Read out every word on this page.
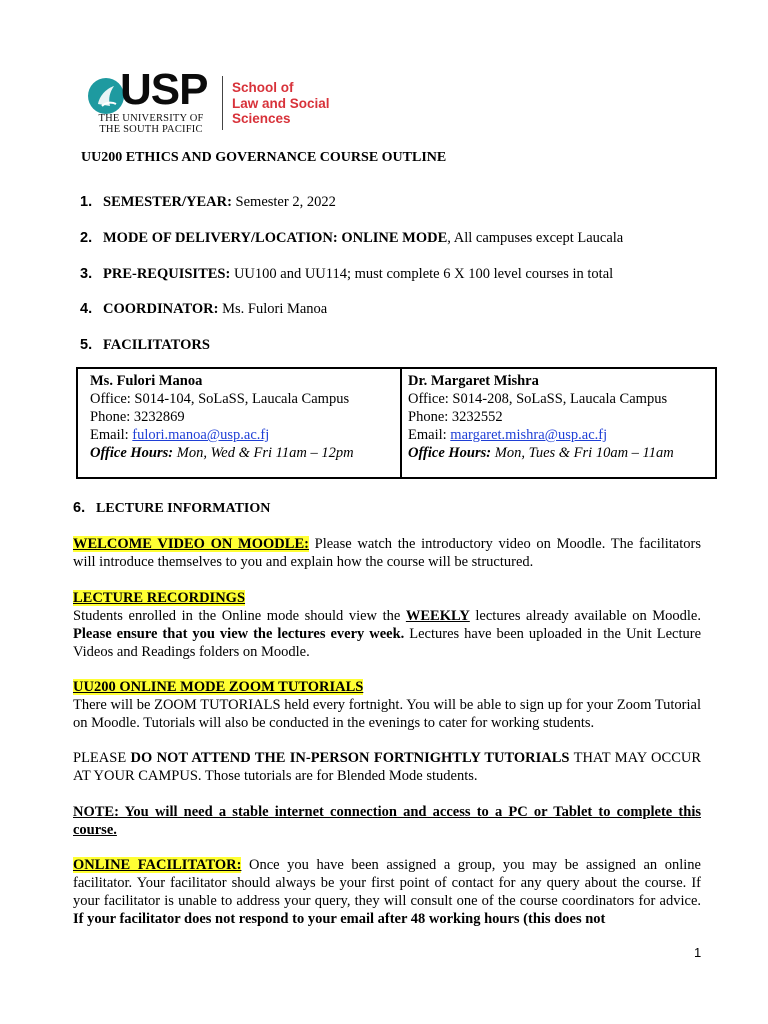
USP
THE UNIVERSITY OF THE SOUTH PACIFIC
School of
Law and Social
Sciences
UU200 ETHICS AND GOVERNANCE COURSE OUTLINE
1. SEMESTER/YEAR: Semester 2, 2022
2. MODE OF DELIVERY/LOCATION: ONLINE MODE, All campuses except Laucala
3. PRE-REQUISITES: UU100 and UU114; must complete 6 X 100 level courses in total
4. COORDINATOR: Ms. Fulori Manoa
5. FACILITATORS
Ms. Fulori Manoa
Office: S014-104, SoLaSS, Laucala Campus
Phone: 3232869
Email: fulori.manoa@usp.ac.fj
Office Hours: Mon, Wed & Fri 11am – 12pm
Dr. Margaret Mishra
Office: S014-208, SoLaSS, Laucala Campus
Phone: 3232552
Email: margaret.mishra@usp.ac.fj
Office Hours: Mon, Tues & Fri 10am – 11am
6. LECTURE INFORMATION
WELCOME VIDEO ON MOODLE: Please watch the introductory video on Moodle. The facilitators will introduce themselves to you and explain how the course will be structured.
LECTURE RECORDINGS
Students enrolled in the Online mode should view the WEEKLY lectures already available on Moodle. Please ensure that you view the lectures every week. Lectures have been uploaded in the Unit Lecture Videos and Readings folders on Moodle.
UU200 ONLINE MODE ZOOM TUTORIALS
There will be ZOOM TUTORIALS held every fortnight. You will be able to sign up for your Zoom Tutorial on Moodle. Tutorials will also be conducted in the evenings to cater for working students.
PLEASE DO NOT ATTEND THE IN-PERSON FORTNIGHTLY TUTORIALS THAT MAY OCCUR AT YOUR CAMPUS. Those tutorials are for Blended Mode students.
NOTE: You will need a stable internet connection and access to a PC or Tablet to complete this course.
ONLINE FACILITATOR: Once you have been assigned a group, you may be assigned an online facilitator. Your facilitator should always be your first point of contact for any query about the course. If your facilitator is unable to address your query, they will consult one of the course coordinators for advice. If your facilitator does not respond to your email after 48 working hours (this does not
1
